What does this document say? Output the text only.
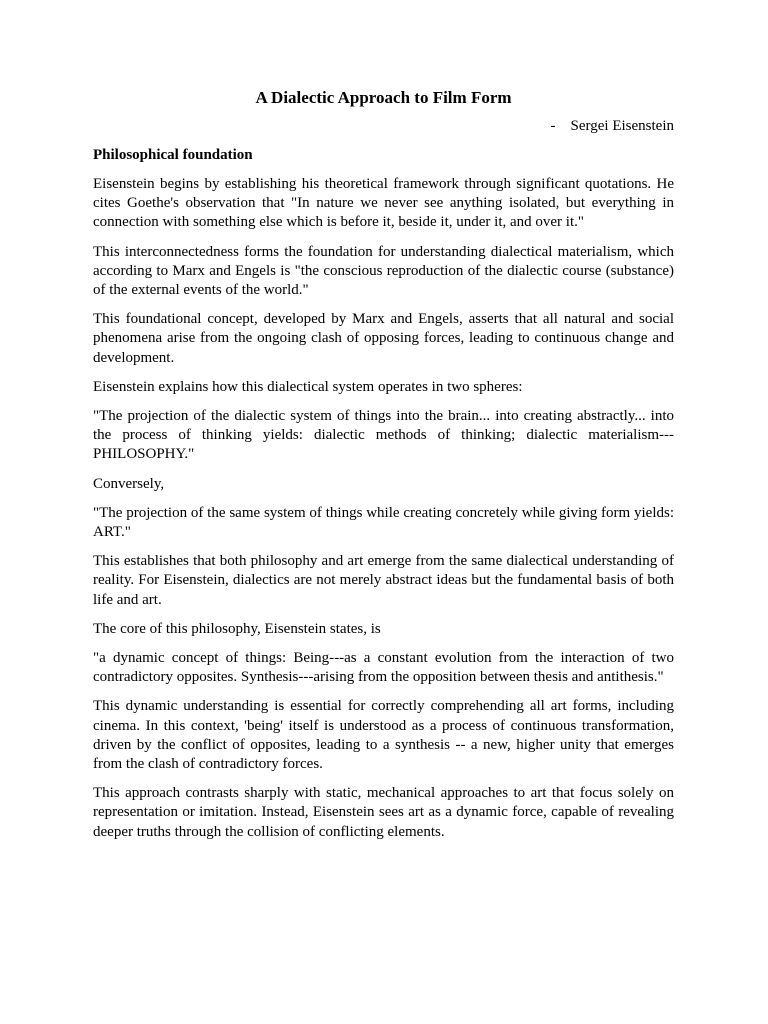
A Dialectic Approach to Film Form

- Sergei Eisenstein

Philosophical foundation

Eisenstein begins by establishing his theoretical framework through significant quotations. He cites Goethe's observation that "In nature we never see anything isolated, but everything in connection with something else which is before it, beside it, under it, and over it."

This interconnectedness forms the foundation for understanding dialectical materialism, which according to Marx and Engels is "the conscious reproduction of the dialectic course (substance) of the external events of the world."

This foundational concept, developed by Marx and Engels, asserts that all natural and social phenomena arise from the ongoing clash of opposing forces, leading to continuous change and development.

Eisenstein explains how this dialectical system operates in two spheres:

"The projection of the dialectic system of things into the brain... into creating abstractly... into the process of thinking yields: dialectic methods of thinking; dialectic materialism---PHILOSOPHY."

Conversely,

"The projection of the same system of things while creating concretely while giving form yields: ART."

This establishes that both philosophy and art emerge from the same dialectical understanding of reality. For Eisenstein, dialectics are not merely abstract ideas but the fundamental basis of both life and art.

The core of this philosophy, Eisenstein states, is

"a dynamic concept of things: Being---as a constant evolution from the interaction of two contradictory opposites. Synthesis---arising from the opposition between thesis and antithesis."

This dynamic understanding is essential for correctly comprehending all art forms, including cinema. In this context, 'being' itself is understood as a process of continuous transformation, driven by the conflict of opposites, leading to a synthesis -- a new, higher unity that emerges from the clash of contradictory forces.

This approach contrasts sharply with static, mechanical approaches to art that focus solely on representation or imitation. Instead, Eisenstein sees art as a dynamic force, capable of revealing deeper truths through the collision of conflicting elements.
